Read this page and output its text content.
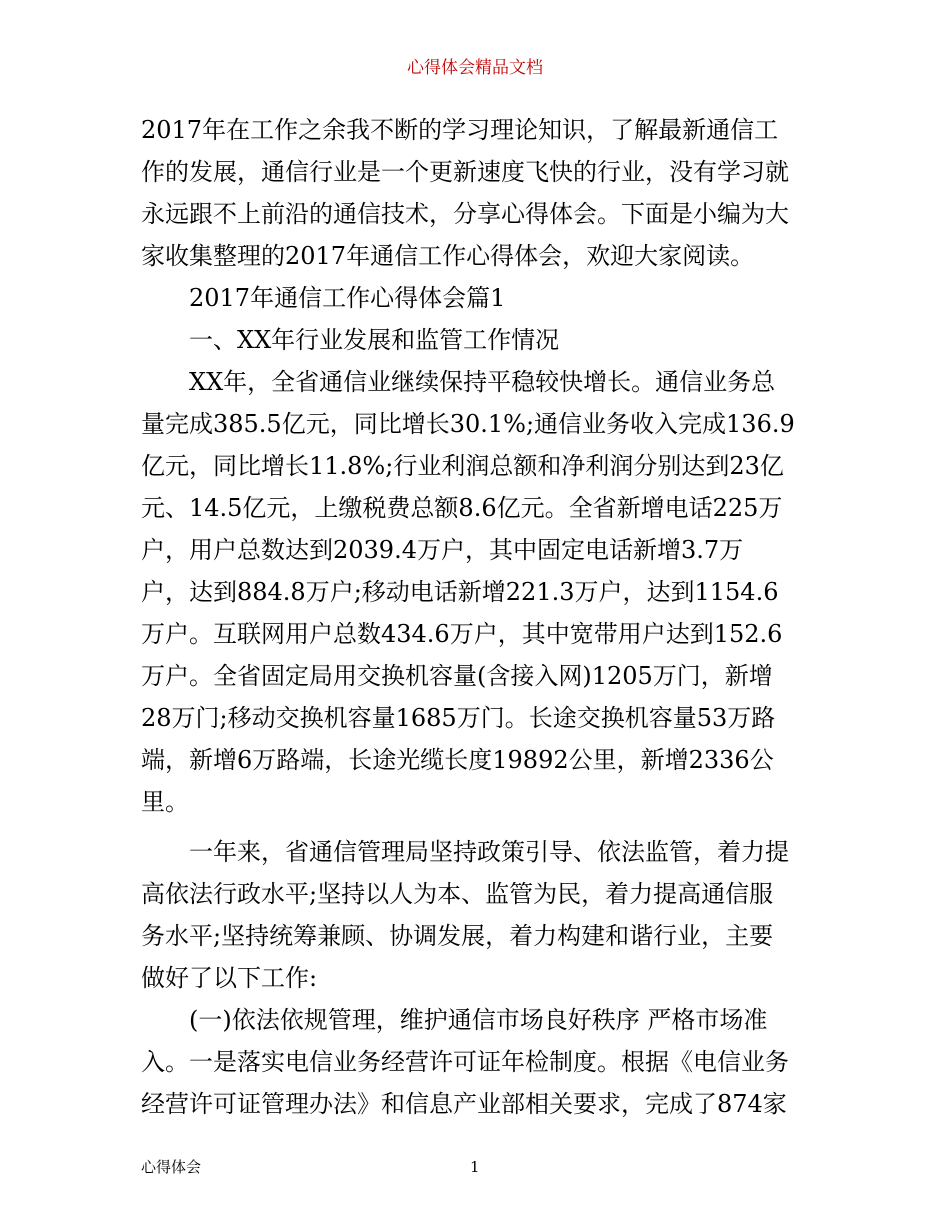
心得体会精品文档
2017年在工作之余我不断的学习理论知识，了解最新通信工
作的发展，通信行业是一个更新速度飞快的行业，没有学习就
永远跟不上前沿的通信技术，分享心得体会。下面是小编为大
家收集整理的2017年通信工作心得体会，欢迎大家阅读。
　　2017年通信工作心得体会篇1
　　一、XX年行业发展和监管工作情况
　　XX年，全省通信业继续保持平稳较快增长。通信业务总
量完成385.5亿元，同比增长30.1%;通信业务收入完成136.9
亿元，同比增长11.8%;行业利润总额和净利润分别达到23亿
元、14.5亿元，上缴税费总额8.6亿元。全省新增电话225万
户，用户总数达到2039.4万户，其中固定电话新增3.7万
户，达到884.8万户;移动电话新增221.3万户，达到1154.6
万户。互联网用户总数434.6万户，其中宽带用户达到152.6
万户。全省固定局用交换机容量(含接入网)1205万门，新增
28万门;移动交换机容量1685万门。长途交换机容量53万路
端，新增6万路端，长途光缆长度19892公里，新增2336公
里。
　　一年来，省通信管理局坚持政策引导、依法监管，着力提
高依法行政水平;坚持以人为本、监管为民，着力提高通信服
务水平;坚持统筹兼顾、协调发展，着力构建和谐行业，主要
做好了以下工作:
　　(一)依法依规管理，维护通信市场良好秩序 严格市场准
入。一是落实电信业务经营许可证年检制度。根据《电信业务
经营许可证管理办法》和信息产业部相关要求，完成了874家
心得体会	1
